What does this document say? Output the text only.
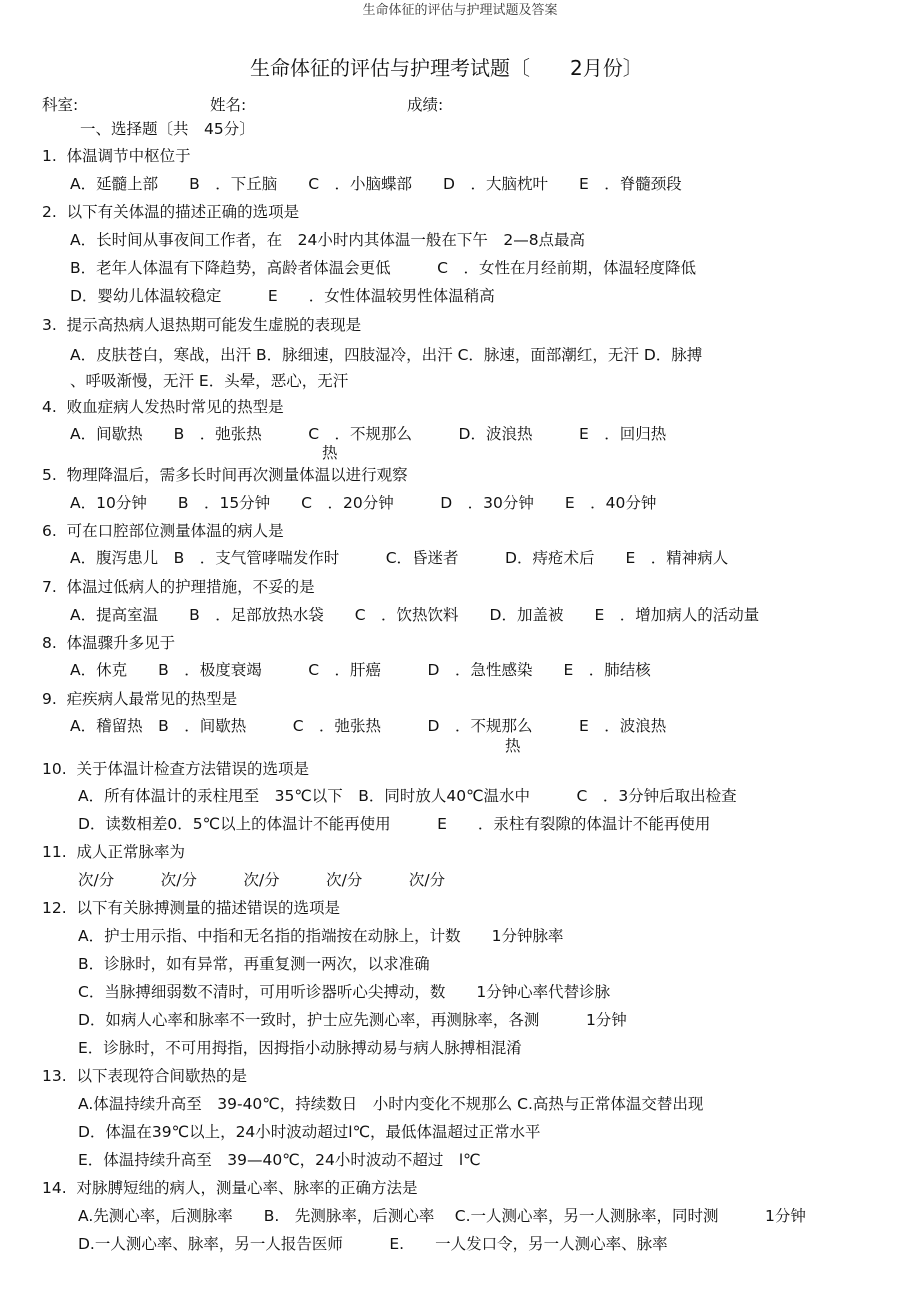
生命体征的评估与护理试题及答案
生命体征的评估与护理考试题〔　　2月份〕
科室:	姓名:	成绩:
一、选择题〔共　45分〕
1.  体温调节中枢位于
A．延髓上部　　B　．下丘脑　　C　．小脑蝶部　　D　．大脑枕叶　　E　．脊髓颈段
2.  以下有关体温的描述正确的选项是
A．长时间从事夜间工作者，在　24小时内其体温一般在下午　2—8点最高
B．老年人体温有下降趋势，高龄者体温会更低　　　C　．女性在月经前期，体温轻度降低
D．婴幼儿体温较稳定　　　E　　．女性体温较男性体温稍高
3.  提示高热病人退热期可能发生虚脱的表现是
A．皮肤苍白，寒战，出汗 B．脉细速，四肢湿冷，出汗 C．脉速，面部潮红，无汗 D．脉搏
、呼吸渐慢，无汗 E．头晕，恶心，无汗
4.  败血症病人发热时常见的热型是
A．间歇热　　B　．弛张热　　　C　．不规那么　　　D．波浪热　　　E　．回归热
热
5.  物理降温后，需多长时间再次测量体温以进行观察
A．10分钟　　B　．15分钟　　C　．20分钟　　　D　．30分钟　　E　．40分钟
6.  可在口腔部位测量体温的病人是
A．腹泻患儿　B　．支气管哮喘发作时　　　C．昏迷者　　　D．痔疮术后　　E　．精神病人
7.  体温过低病人的护理措施，不妥的是
A．提高室温　　B　．足部放热水袋　　C　．饮热饮料　　D．加盖被　　E　．增加病人的活动量
8.  体温骤升多见于
A．休克　　B　．极度衰竭　　　C　．肝癌　　　D　．急性感染　　E　．肺结核
9.  疟疾病人最常见的热型是
A．稽留热　B　．间歇热　　　C　．弛张热　　　D　．不规那么　　　E　．波浪热
热
10.  关于体温计检查方法错误的选项是
A．所有体温计的汞柱甩至　35℃以下　B．同时放人40℃温水中　　　C　．3分钟后取出检查
D．读数相差0．5℃以上的体温计不能再使用　　　E　　．汞柱有裂隙的体温计不能再使用
11.  成人正常脉率为
次/分　　　次/分　　　次/分　　　次/分　　　次/分
12.  以下有关脉搏测量的描述错误的选项是
A．护士用示指、中指和无名指的指端按在动脉上，计数　　1分钟脉率
B．诊脉时，如有异常，再重复测一两次，以求准确
C．当脉搏细弱数不清时，可用听诊器听心尖搏动，数　　1分钟心率代替诊脉
D．如病人心率和脉率不一致时，护士应先测心率，再测脉率，各测　　　1分钟
E．诊脉时，不可用拇指，因拇指小动脉搏动易与病人脉搏相混淆
13.  以下表现符合间歇热的是
A.体温持续升高至　39-40℃，持续数日　小时内变化不规那么 C.高热与正常体温交替出现
D．体温在39℃以上，24小时波动超过l℃，最低体温超过正常水平
E．体温持续升高至　39—40℃，24小时波动不超过　l℃
14.  对脉膊短绌的病人，测量心率、脉率的正确方法是
A.先测心率，后测脉率　　B.　先测脉率，后测心率　 C.一人测心率，另一人测脉率，同时测　　　1分钟
D.一人测心率、脉率，另一人报告医师　　　E.　　一人发口令，另一人测心率、脉率
